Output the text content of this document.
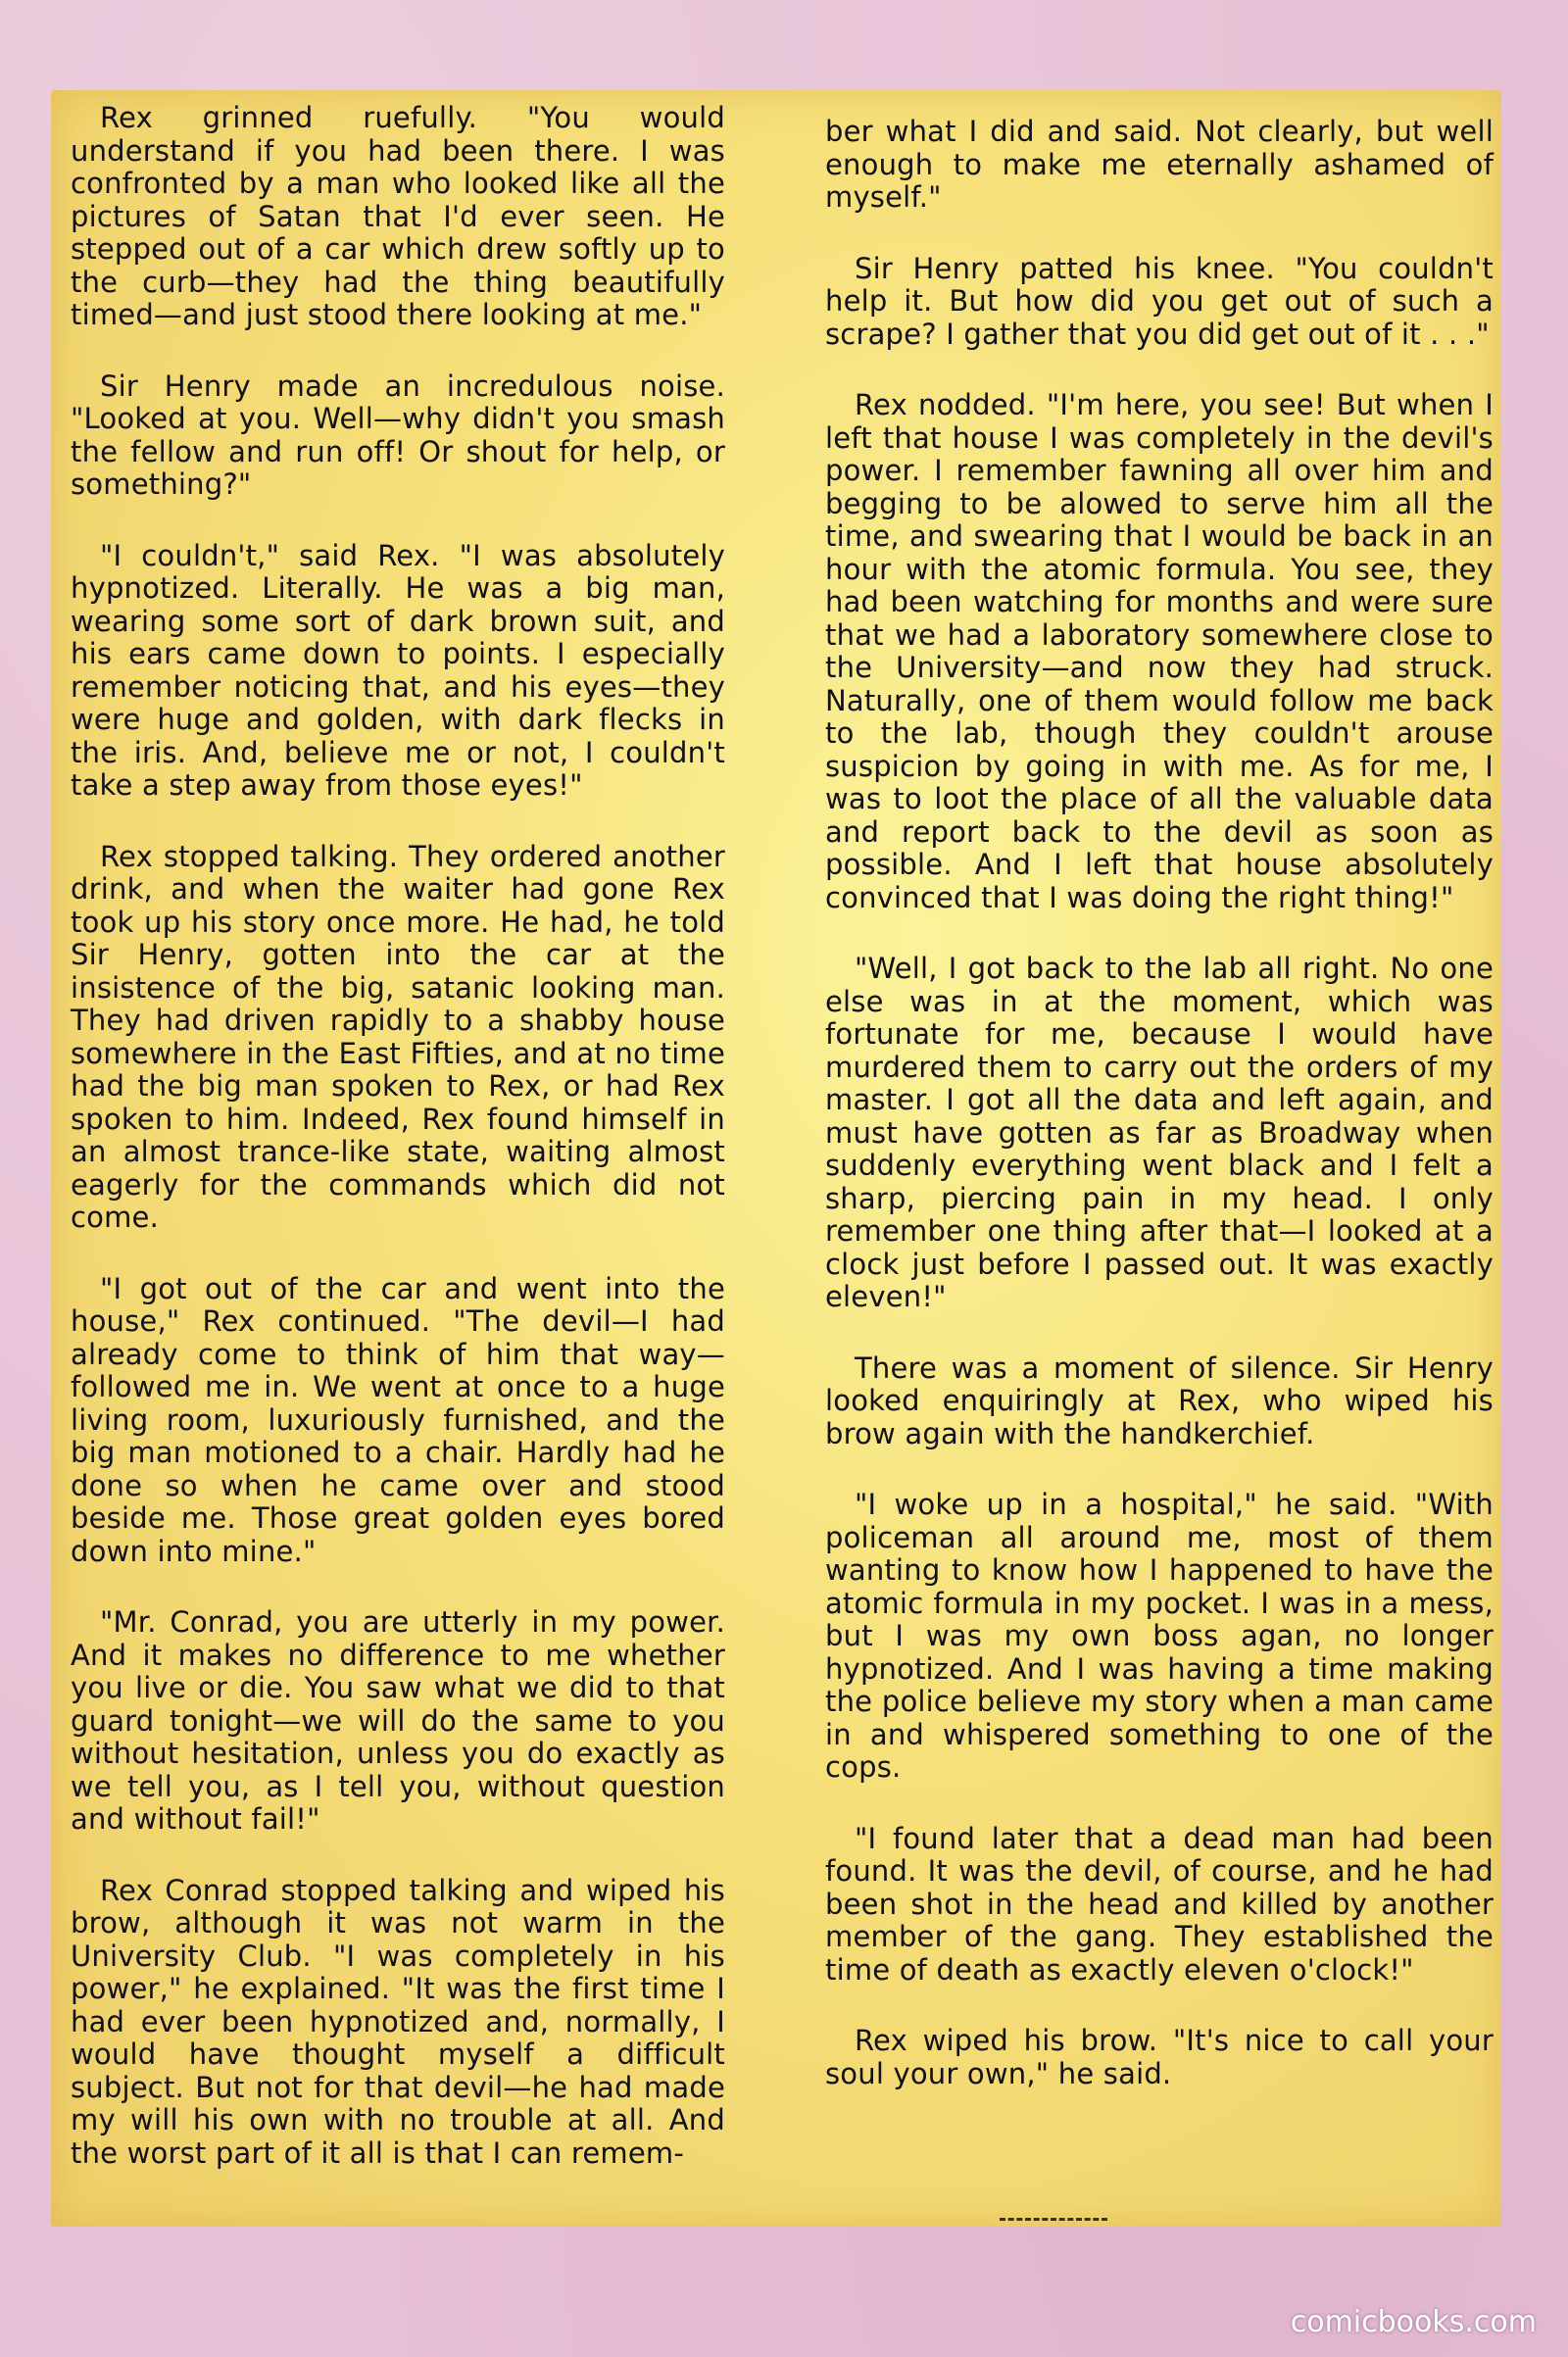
Rex grinned ruefully. "You would understand if you had been there. I was confronted by a man who looked like all the pictures of Satan that I'd ever seen. He stepped out of a car which drew softly up to the curb—they had the thing beautifully timed—and just stood there looking at me."

Sir Henry made an incredulous noise. "Looked at you. Well—why didn't you smash the fellow and run off! Or shout for help, or something?"

"I couldn't," said Rex. "I was absolutely hypnotized. Literally. He was a big man, wearing some sort of dark brown suit, and his ears came down to points. I especially remember noticing that, and his eyes—they were huge and golden, with dark flecks in the iris. And, believe me or not, I couldn't take a step away from those eyes!"

Rex stopped talking. They ordered another drink, and when the waiter had gone Rex took up his story once more. He had, he told Sir Henry, gotten into the car at the insistence of the big, satanic looking man. They had driven rapidly to a shabby house somewhere in the East Fifties, and at no time had the big man spoken to Rex, or had Rex spoken to him. Indeed, Rex found himself in an almost trance-like state, waiting almost eagerly for the commands which did not come.

"I got out of the car and went into the house," Rex continued. "The devil—I had already come to think of him that way—followed me in. We went at once to a huge living room, luxuriously furnished, and the big man motioned to a chair. Hardly had he done so when he came over and stood beside me. Those great golden eyes bored down into mine."

"Mr. Conrad, you are utterly in my power. And it makes no difference to me whether you live or die. You saw what we did to that guard tonight—we will do the same to you without hesitation, unless you do exactly as we tell you, as I tell you, without question and without fail!"

Rex Conrad stopped talking and wiped his brow, although it was not warm in the University Club. "I was completely in his power," he explained. "It was the first time I had ever been hypnotized and, normally, I would have thought myself a difficult subject. But not for that devil—he had made my will his own with no trouble at all. And the worst part of it all is that I can remem-

ber what I did and said. Not clearly, but well enough to make me eternally ashamed of myself."

Sir Henry patted his knee. "You couldn't help it. But how did you get out of such a scrape? I gather that you did get out of it . . ."

Rex nodded. "I'm here, you see! But when I left that house I was completely in the devil's power. I remember fawning all over him and begging to be alowed to serve him all the time, and swearing that I would be back in an hour with the atomic formula. You see, they had been watching for months and were sure that we had a laboratory somewhere close to the University—and now they had struck. Naturally, one of them would follow me back to the lab, though they couldn't arouse suspicion by going in with me. As for me, I was to loot the place of all the valuable data and report back to the devil as soon as possible. And I left that house absolutely convinced that I was doing the right thing!"

"Well, I got back to the lab all right. No one else was in at the moment, which was fortunate for me, because I would have murdered them to carry out the orders of my master. I got all the data and left again, and must have gotten as far as Broadway when suddenly everything went black and I felt a sharp, piercing pain in my head. I only remember one thing after that—I looked at a clock just before I passed out. It was exactly eleven!"

There was a moment of silence. Sir Henry looked enquiringly at Rex, who wiped his brow again with the handkerchief.

"I woke up in a hospital," he said. "With policeman all around me, most of them wanting to know how I happened to have the atomic formula in my pocket. I was in a mess, but I was my own boss agan, no longer hypnotized. And I was having a time making the police believe my story when a man came in and whispered something to one of the cops.

"I found later that a dead man had been found. It was the devil, of course, and he had been shot in the head and killed by another member of the gang. They established the time of death as exactly eleven o'clock!"

Rex wiped his brow. "It's nice to call your soul your own," he said.

comicbooks.com
